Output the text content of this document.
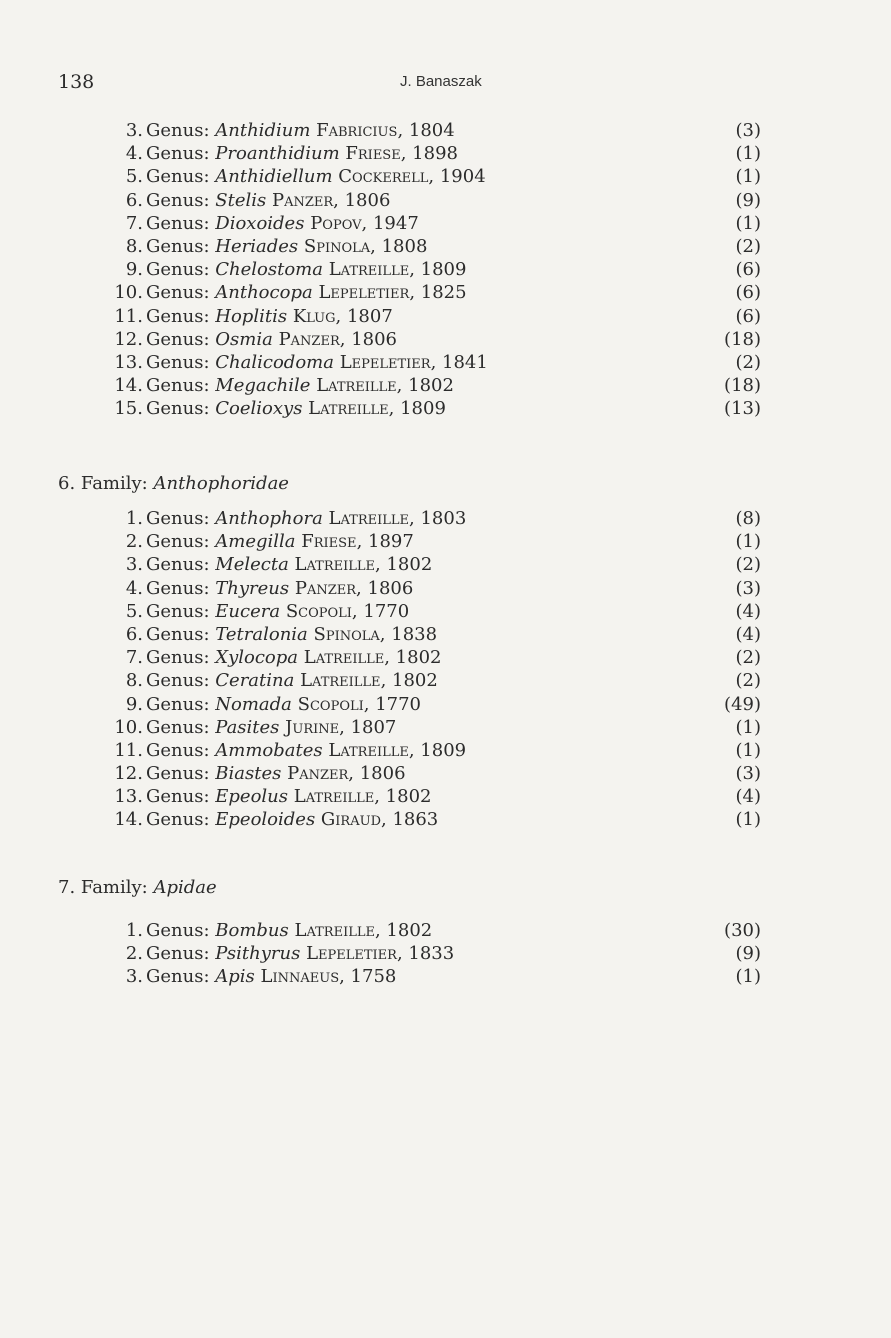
138	J. Banaszak
3. Genus: Anthidium Fabricius, 1804	(3)
4. Genus: Proanthidium Friese, 1898	(1)
5. Genus: Anthidiellum Cockerell, 1904	(1)
6. Genus: Stelis Panzer, 1806	(9)
7. Genus: Dioxoides Popov, 1947	(1)
8. Genus: Heriades Spinola, 1808	(2)
9. Genus: Chelostoma Latreille, 1809	(6)
10. Genus: Anthocopa Lepeletier, 1825	(6)
11. Genus: Hoplitis Klug, 1807	(6)
12. Genus: Osmia Panzer, 1806	(18)
13. Genus: Chalicodoma Lepeletier, 1841	(2)
14. Genus: Megachile Latreille, 1802	(18)
15. Genus: Coelioxys Latreille, 1809	(13)
6. Family: Anthophoridae
1. Genus: Anthophora Latreille, 1803	(8)
2. Genus: Amegilla Friese, 1897	(1)
3. Genus: Melecta Latreille, 1802	(2)
4. Genus: Thyreus Panzer, 1806	(3)
5. Genus: Eucera Scopoli, 1770	(4)
6. Genus: Tetralonia Spinola, 1838	(4)
7. Genus: Xylocopa Latreille, 1802	(2)
8. Genus: Ceratina Latreille, 1802	(2)
9. Genus: Nomada Scopoli, 1770	(49)
10. Genus: Pasites Jurine, 1807	(1)
11. Genus: Ammobates Latreille, 1809	(1)
12. Genus: Biastes Panzer, 1806	(3)
13. Genus: Epeolus Latreille, 1802	(4)
14. Genus: Epeoloides Giraud, 1863	(1)
7. Family: Apidae
1. Genus: Bombus Latreille, 1802	(30)
2. Genus: Psithyrus Lepeletier, 1833	(9)
3. Genus: Apis Linnaeus, 1758	(1)
